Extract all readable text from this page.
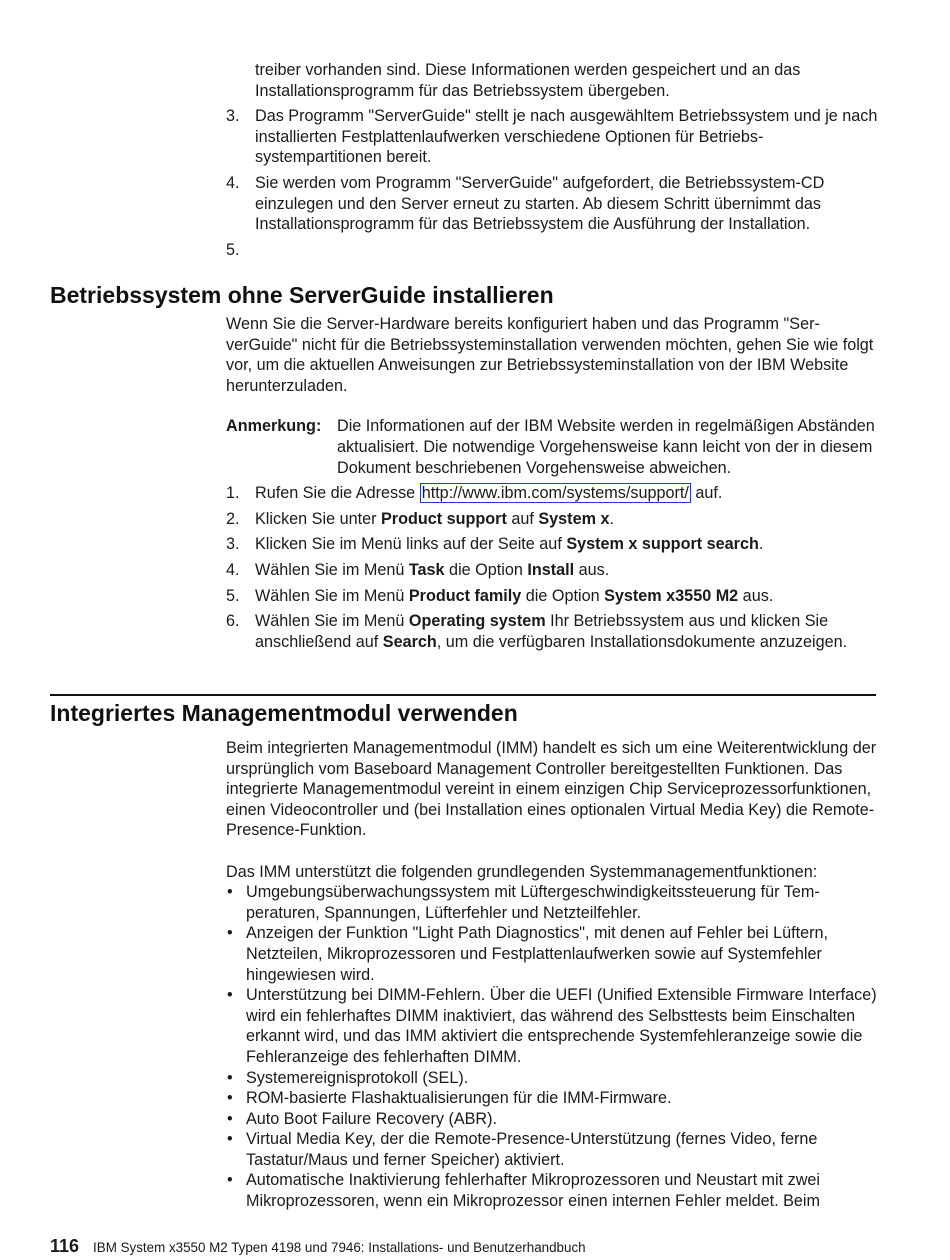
treiber vorhanden sind. Diese Informationen werden gespeichert und an das Installationsprogramm für das Betriebssystem übergeben.

3. Das Programm "ServerGuide" stellt je nach ausgewähltem Betriebssystem und je nach installierten Festplattenlaufwerken verschiedene Optionen für Betriebssystempartitionen bereit.
4. Sie werden vom Programm "ServerGuide" aufgefordert, die Betriebssystem-CD einzulegen und den Server erneut zu starten. Ab diesem Schritt übernimmt das Installationsprogramm für das Betriebssystem die Ausführung der Installation.
5.
Betriebssystem ohne ServerGuide installieren

Wenn Sie die Server-Hardware bereits konfiguriert haben und das Programm "ServerGuide" nicht für die Betriebssysteminstallation verwenden möchten, gehen Sie wie folgt vor, um die aktuellen Anweisungen zur Betriebssysteminstallation von der IBM Website herunterzuladen.

Anmerkung: Die Informationen auf der IBM Website werden in regelmäßigen Abständen aktualisiert. Die notwendige Vorgehensweise kann leicht von der in diesem Dokument beschriebenen Vorgehensweise abweichen.
1. Rufen Sie die Adresse http://www.ibm.com/systems/support/ auf.
2. Klicken Sie unter Product support auf System x.
3. Klicken Sie im Menü links auf der Seite auf System x support search.
4. Wählen Sie im Menü Task die Option Install aus.
5. Wählen Sie im Menü Product family die Option System x3550 M2 aus.
6. Wählen Sie im Menü Operating system Ihr Betriebssystem aus und klicken Sie anschließend auf Search, um die verfügbaren Installationsdokumente anzuzeigen.
Integriertes Managementmodul verwenden

Beim integrierten Managementmodul (IMM) handelt es sich um eine Weiterentwicklung der ursprünglich vom Baseboard Management Controller bereitgestellten Funktionen. Das integrierte Managementmodul vereint in einem einzigen Chip Serviceprozessorfunktionen, einen Videocontroller und (bei Installation eines optionalen Virtual Media Key) die Remote-Presence-Funktion.

Das IMM unterstützt die folgenden grundlegenden Systemmanagementfunktionen:

• Umgebungsüberwachungssystem mit Lüftergeschwindigkeitssteuerung für Temperaturen, Spannungen, Lüfterfehler und Netzteilfehler.
• Anzeigen der Funktion "Light Path Diagnostics", mit denen auf Fehler bei Lüftern, Netzteilen, Mikroprozessoren und Festplattenlaufwerken sowie auf Systemfehler hingewiesen wird.
• Unterstützung bei DIMM-Fehlern. Über die UEFI (Unified Extensible Firmware Interface) wird ein fehlerhaftes DIMM inaktiviert, das während des Selbsttests beim Einschalten erkannt wird, und das IMM aktiviert die entsprechende Systemfehleranzeige sowie die Fehleranzeige des fehlerhaften DIMM.
• Systemereignisprotokoll (SEL).
• ROM-basierte Flashaktualisierungen für die IMM-Firmware.
• Auto Boot Failure Recovery (ABR).
• Virtual Media Key, der die Remote-Presence-Unterstützung (fernes Video, ferne Tastatur/Maus und ferner Speicher) aktiviert.
• Automatische Inaktivierung fehlerhafter Mikroprozessoren und Neustart mit zwei Mikroprozessoren, wenn ein Mikroprozessor einen internen Fehler meldet. Beim
116 IBM System x3550 M2 Typen 4198 und 7946: Installations- und Benutzerhandbuch
